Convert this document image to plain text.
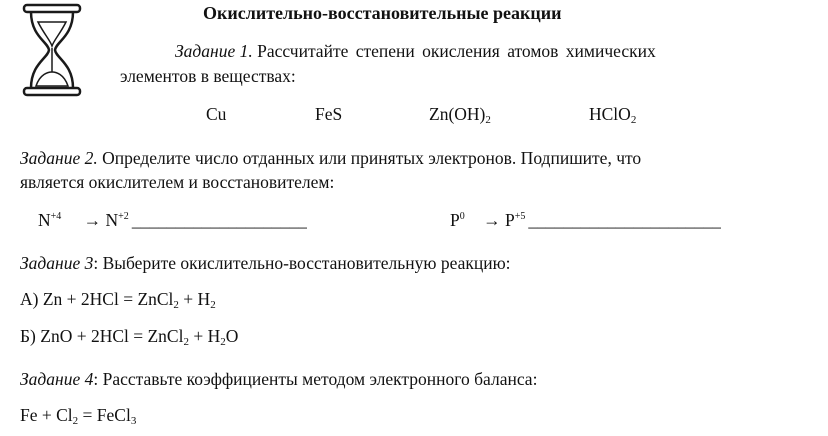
Окислительно-восстановительные реакции
Задание 1. Рассчитайте степени окисления атомов химических
элементов в веществах:
Cu	FeS	$Zn(OH)_2$	HClO$_2$
Задание 2. Определите число отданных или принятых электронов. Подпишите, что
является окислителем и восстановителем:
$N^{+4} \to N^{+2}$ ____________________	$P^0 \to P^{+5}$ ______________________
Задание 3: Выберите окислительно-восстановительную реакцию:
А) Zn + 2HCl = ZnCl$_2$ + $H_2$
Б) ZnO + 2HCl = ZnCl$_2$ + $H_2O$
Задание 4: Расставьте коэффициенты методом электронного баланса:
$Fe + Cl_2$ = FeCl$_3$
